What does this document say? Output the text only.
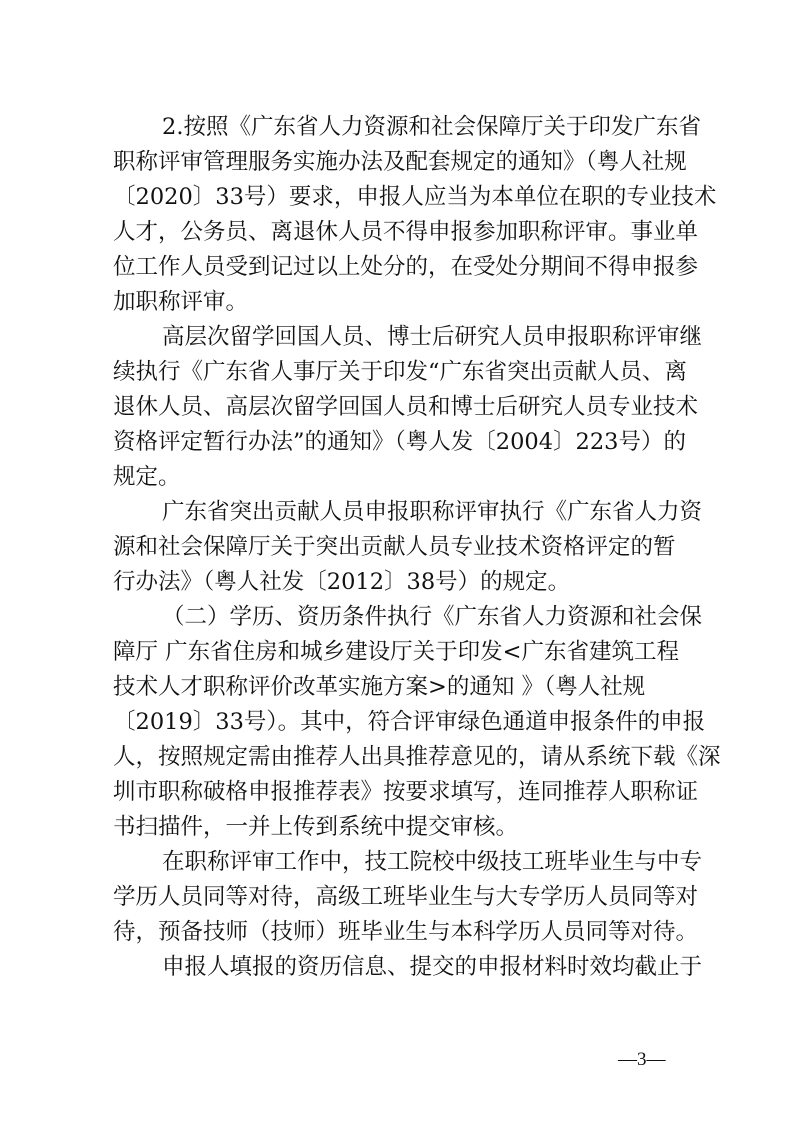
2.按照《广东省人力资源和社会保障厅关于印发广东省
职称评审管理服务实施办法及配套规定的通知》（粤人社规
〔2020〕33号）要求，申报人应当为本单位在职的专业技术
人才，公务员、离退休人员不得申报参加职称评审。事业单
位工作人员受到记过以上处分的，在受处分期间不得申报参
加职称评审。
高层次留学回国人员、博士后研究人员申报职称评审继
续执行《广东省人事厅关于印发“广东省突出贡献人员、离
退休人员、高层次留学回国人员和博士后研究人员专业技术
资格评定暂行办法”的通知》（粤人发〔2004〕223号）的
规定。
广东省突出贡献人员申报职称评审执行《广东省人力资
源和社会保障厅关于突出贡献人员专业技术资格评定的暂
行办法》（粤人社发〔2012〕38号）的规定。
（二）学历、资历条件执行《广东省人力资源和社会保
障厅 广东省住房和城乡建设厅关于印发<广东省建筑工程
技术人才职称评价改革实施方案>的通知 》（粤人社规
〔2019〕33号）。其中，符合评审绿色通道申报条件的申报
人，按照规定需由推荐人出具推荐意见的，请从系统下载《深
圳市职称破格申报推荐表》按要求填写，连同推荐人职称证
书扫描件，一并上传到系统中提交审核。
在职称评审工作中，技工院校中级技工班毕业生与中专
学历人员同等对待，高级工班毕业生与大专学历人员同等对
待，预备技师（技师）班毕业生与本科学历人员同等对待。
申报人填报的资历信息、提交的申报材料时效均截止于
—3—
